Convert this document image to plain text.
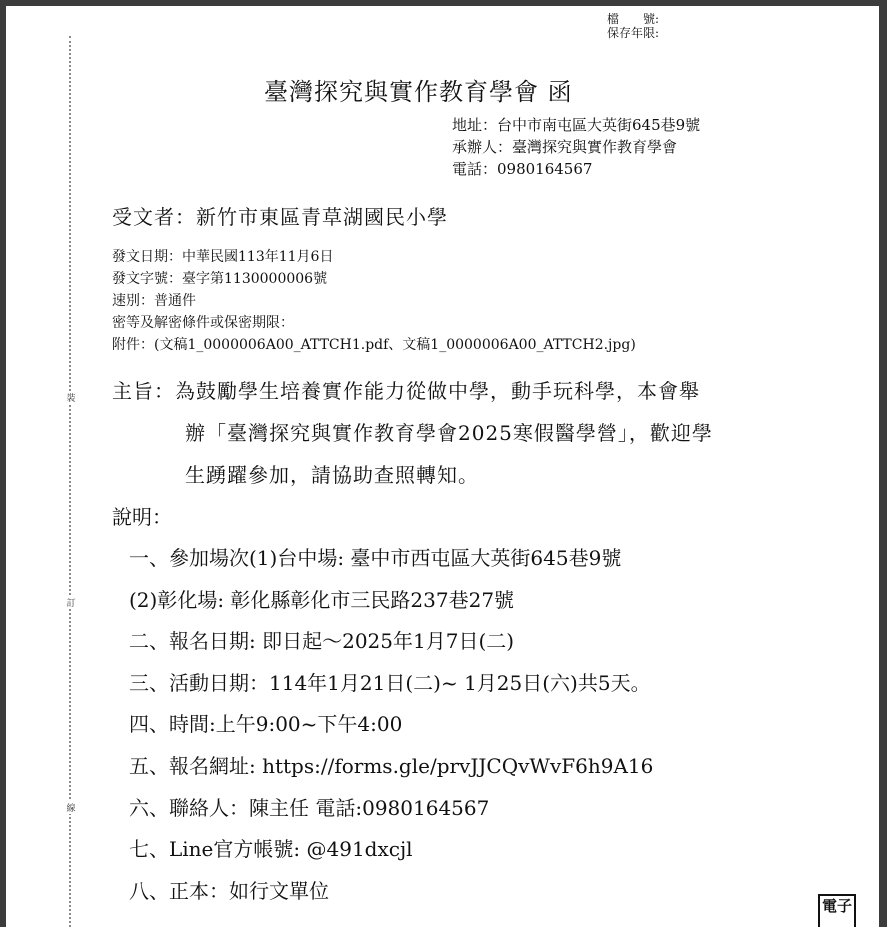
裝
訂
線
檔　　號:
保存年限:
臺灣探究與實作教育學會 函
地址：台中市南屯區大英街645巷9號
承辦人：臺灣探究與實作教育學會
電話：0980164567
受文者：新竹市東區青草湖國民小學
發文日期：中華民國113年11月6日
發文字號：臺字第1130000006號
速別：普通件
密等及解密條件或保密期限：
附件：(文稿1_0000006A00_ATTCH1.pdf、文稿1_0000006A00_ATTCH2.jpg)
主旨：為鼓勵學生培養實作能力從做中學，動手玩科學，本會舉
辦「臺灣探究與實作教育學會2025寒假醫學營」，歡迎學
生踴躍參加，請協助查照轉知。
說明：
一、參加場次(1)台中場: 臺中市西屯區大英街645巷9號
(2)彰化場: 彰化縣彰化市三民路237巷27號
二、報名日期: 即日起～2025年1月7日(二)
三、活動日期：114年1月21日(二)~ 1月25日(六)共5天。
四、時間:上午9:00~下午4:00
五、報名網址: https://forms.gle/prvJJCQvWvF6h9A16
六、聯絡人：陳主任 電話:0980164567
七、Line官方帳號: @491dxcjl
八、正本：如行文單位
電子
